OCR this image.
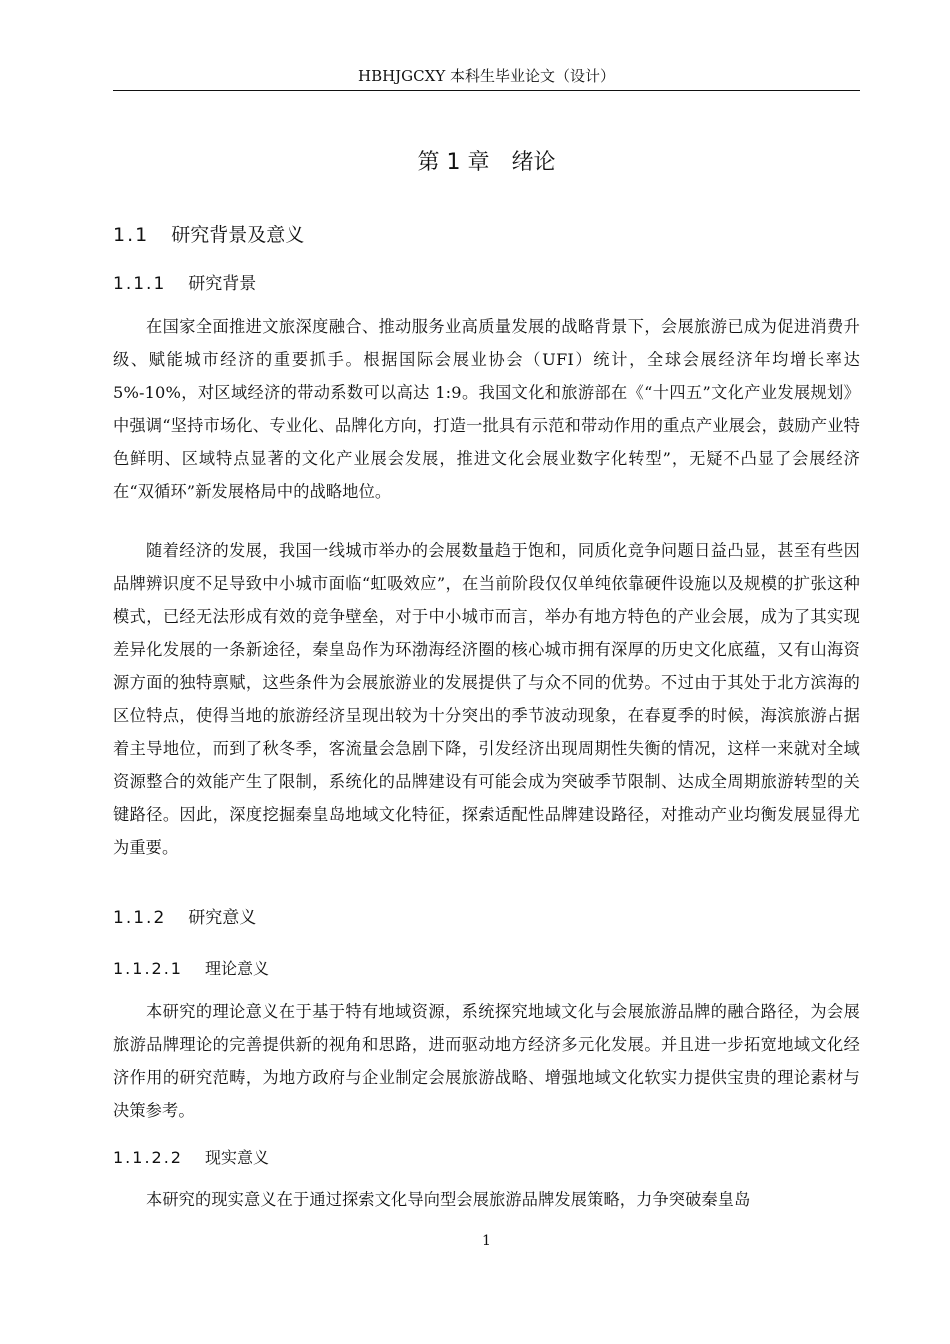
HBHJGCXY 本科生毕业论文（设计）
第 1 章　绪论
1.1 研究背景及意义
1.1.1 研究背景

在国家全面推进文旅深度融合、推动服务业高质量发展的战略背景下，会展旅游已成为促进消费升级、赋能城市经济的重要抓手。根据国际会展业协会（UFI）统计，全球会展经济年均增长率达 5%-10%，对区域经济的带动系数可以高达 1:9。我国文化和旅游部在《“十四五”文化产业发展规划》中强调“坚持市场化、专业化、品牌化方向，打造一批具有示范和带动作用的重点产业展会，鼓励产业特色鲜明、区域特点显著的文化产业展会发展，推进文化会展业数字化转型”，无疑不凸显了会展经济在“双循环”新发展格局中的战略地位。

随着经济的发展，我国一线城市举办的会展数量趋于饱和，同质化竞争问题日益凸显，甚至有些因品牌辨识度不足导致中小城市面临“虹吸效应”，在当前阶段仅仅单纯依靠硬件设施以及规模的扩张这种模式，已经无法形成有效的竞争壁垒，对于中小城市而言，举办有地方特色的产业会展，成为了其实现差异化发展的一条新途径，秦皇岛作为环渤海经济圈的核心城市拥有深厚的历史文化底蕴，又有山海资源方面的独特禀赋，这些条件为会展旅游业的发展提供了与众不同的优势。不过由于其处于北方滨海的区位特点，使得当地的旅游经济呈现出较为十分突出的季节波动现象，在春夏季的时候，海滨旅游占据着主导地位，而到了秋冬季，客流量会急剧下降，引发经济出现周期性失衡的情况，这样一来就对全域资源整合的效能产生了限制，系统化的品牌建设有可能会成为突破季节限制、达成全周期旅游转型的关键路径。因此，深度挖掘秦皇岛地域文化特征，探索适配性品牌建设路径，对推动产业均衡发展显得尤为重要。

1.1.2 研究意义
1.1.2.1 理论意义

本研究的理论意义在于基于特有地域资源，系统探究地域文化与会展旅游品牌的融合路径，为会展旅游品牌理论的完善提供新的视角和思路，进而驱动地方经济多元化发展。并且进一步拓宽地域文化经济作用的研究范畴，为地方政府与企业制定会展旅游战略、增强地域文化软实力提供宝贵的理论素材与决策参考。

1.1.2.2 现实意义

本研究的现实意义在于通过探索文化导向型会展旅游品牌发展策略，力争突破秦皇岛

1
